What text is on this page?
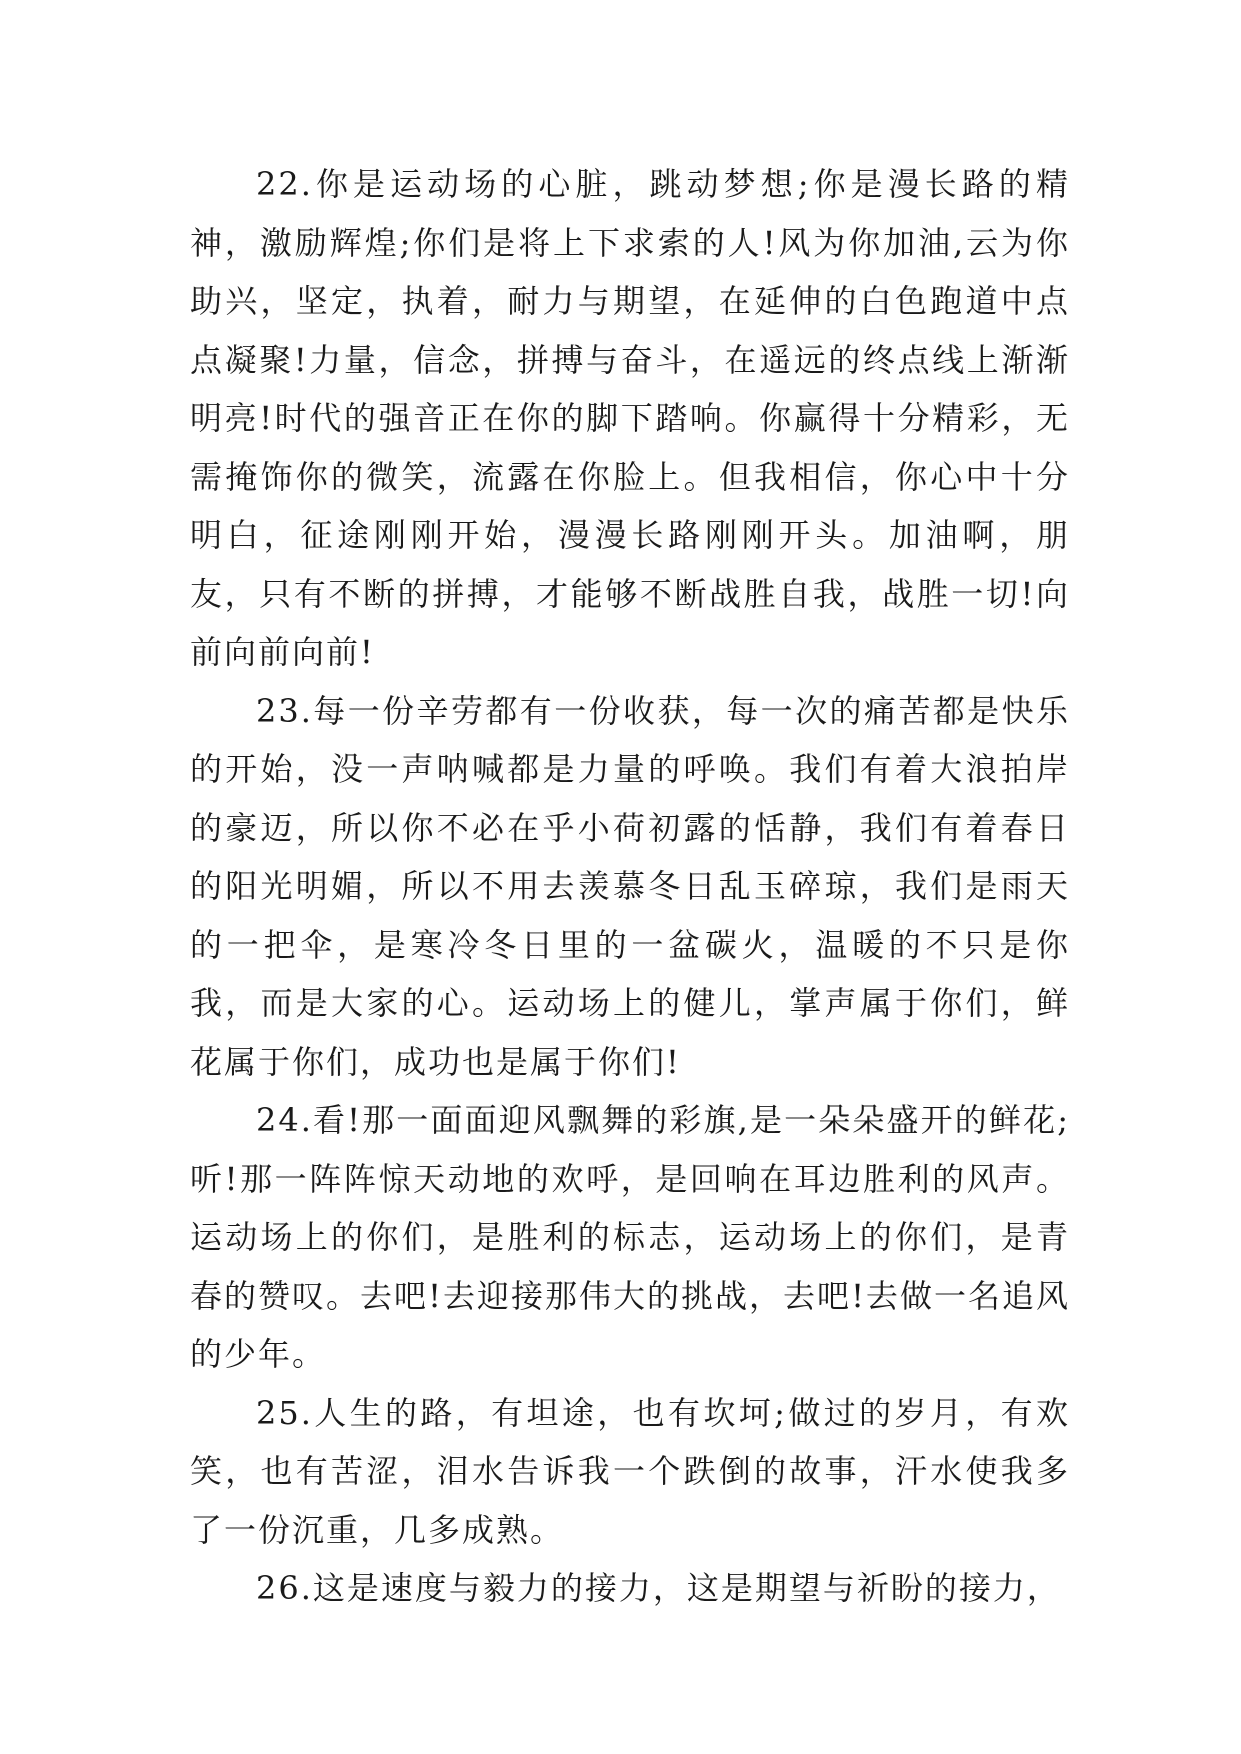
22.你是运动场的心脏，跳动梦想;你是漫长路的精神，激励辉煌;你们是将上下求索的人!风为你加油,云为你助兴，坚定，执着，耐力与期望，在延伸的白色跑道中点点凝聚!力量，信念，拼搏与奋斗，在遥远的终点线上渐渐明亮!时代的强音正在你的脚下踏响。你赢得十分精彩，无需掩饰你的微笑，流露在你脸上。但我相信，你心中十分明白，征途刚刚开始，漫漫长路刚刚开头。加油啊，朋友，只有不断的拼搏，才能够不断战胜自我，战胜一切!向前向前向前!

23.每一份辛劳都有一份收获，每一次的痛苦都是快乐的开始，没一声呐喊都是力量的呼唤。我们有着大浪拍岸的豪迈，所以你不必在乎小荷初露的恬静，我们有着春日的阳光明媚，所以不用去羡慕冬日乱玉碎琼，我们是雨天的一把伞，是寒冷冬日里的一盆碳火，温暖的不只是你我，而是大家的心。运动场上的健儿，掌声属于你们，鲜花属于你们，成功也是属于你们!

24.看!那一面面迎风飘舞的彩旗,是一朵朵盛开的鲜花;听!那一阵阵惊天动地的欢呼，是回响在耳边胜利的风声。运动场上的你们，是胜利的标志，运动场上的你们，是青春的赞叹。去吧!去迎接那伟大的挑战，去吧!去做一名追风的少年。

25.人生的路，有坦途，也有坎坷;做过的岁月，有欢笑，也有苦涩，泪水告诉我一个跌倒的故事，汗水使我多了一份沉重，几多成熟。

26.这是速度与毅力的接力，这是期望与祈盼的接力，
